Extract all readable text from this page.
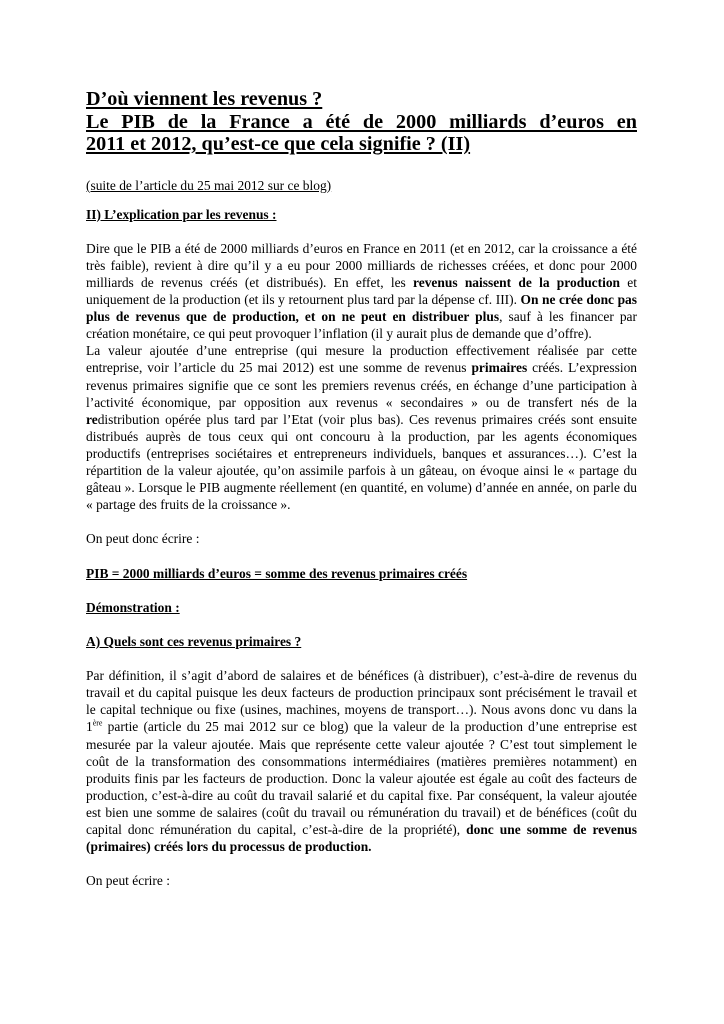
D’où viennent les revenus ?
Le PIB de la France a été de 2000 milliards d’euros en
2011 et 2012, qu’est-ce que cela signifie ? (II)

(suite de l’article du 25 mai 2012 sur ce blog)

II) L’explication par les revenus :

Dire que le PIB a été de 2000 milliards d’euros en France en 2011 (et en 2012, car la croissance a été très faible), revient à dire qu’il y a eu pour 2000 milliards de richesses créées, et donc pour 2000 milliards de revenus créés (et distribués). En effet, les revenus naissent de la production et uniquement de la production (et ils y retournent plus tard par la dépense cf. III). On ne crée donc pas plus de revenus que de production, et on ne peut en distribuer plus, sauf à les financer par création monétaire, ce qui peut provoquer l’inflation (il y aurait plus de demande que d’offre).

La valeur ajoutée d’une entreprise (qui mesure la production effectivement réalisée par cette entreprise, voir l’article du 25 mai 2012) est une somme de revenus primaires créés. L’expression revenus primaires signifie que ce sont les premiers revenus créés, en échange d’une participation à l’activité économique, par opposition aux revenus « secondaires » ou de transfert nés de la redistribution opérée plus tard par l’Etat (voir plus bas). Ces revenus primaires créés sont ensuite distribués auprès de tous ceux qui ont concouru à la production, par les agents économiques productifs (entreprises sociétaires et entrepreneurs individuels, banques et assurances…). C’est la répartition de la valeur ajoutée, qu’on assimile parfois à un gâteau, on évoque ainsi le « partage du gâteau ». Lorsque le PIB augmente réellement (en quantité, en volume) d’année en année, on parle du « partage des fruits de la croissance ».

On peut donc écrire :

PIB = 2000 milliards d’euros = somme des revenus primaires créés

Démonstration :

A) Quels sont ces revenus primaires ?

Par définition, il s’agit d’abord de salaires et de bénéfices (à distribuer), c’est-à-dire de revenus du travail et du capital puisque les deux facteurs de production principaux sont précisément le travail et le capital technique ou fixe (usines, machines, moyens de transport…). Nous avons donc vu dans la 1ère partie (article du 25 mai 2012 sur ce blog) que la valeur de la production d’une entreprise est mesurée par la valeur ajoutée. Mais que représente cette valeur ajoutée ? C’est tout simplement le coût de la transformation des consommations intermédiaires (matières premières notamment) en produits finis par les facteurs de production. Donc la valeur ajoutée est égale au coût des facteurs de production, c’est-à-dire au coût du travail salarié et du capital fixe. Par conséquent, la valeur ajoutée est bien une somme de salaires (coût du travail ou rémunération du travail) et de bénéfices (coût du capital donc rémunération du capital, c’est-à-dire de la propriété), donc une somme de revenus (primaires) créés lors du processus de production.

On peut écrire :
